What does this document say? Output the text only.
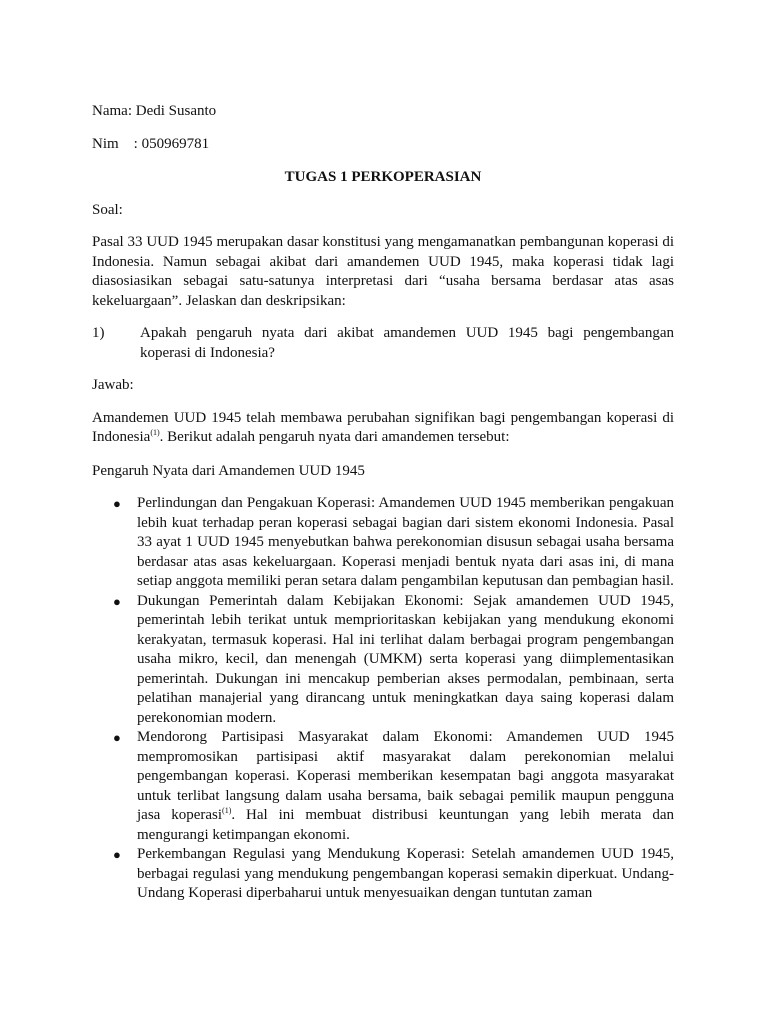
Nama: Dedi Susanto

Nim    : 050969781

TUGAS 1 PERKOPERASIAN

Soal:

Pasal 33 UUD 1945 merupakan dasar konstitusi yang mengamanatkan pembangunan koperasi di Indonesia. Namun sebagai akibat dari amandemen UUD 1945, maka koperasi tidak lagi diasosiasikan sebagai satu-satunya interpretasi dari “usaha bersama berdasar atas asas kekeluargaan”. Jelaskan dan deskripsikan:

1)	Apakah pengaruh nyata dari akibat amandemen UUD 1945 bagi pengembangan koperasi di Indonesia?

Jawab:

Amandemen UUD 1945 telah membawa perubahan signifikan bagi pengembangan koperasi di Indonesia$^{(1)}$. Berikut adalah pengaruh nyata dari amandemen tersebut:

Pengaruh Nyata dari Amandemen UUD 1945

● Perlindungan dan Pengakuan Koperasi: Amandemen UUD 1945 memberikan pengakuan lebih kuat terhadap peran koperasi sebagai bagian dari sistem ekonomi Indonesia. Pasal 33 ayat 1 UUD 1945 menyebutkan bahwa perekonomian disusun sebagai usaha bersama berdasar atas asas kekeluargaan. Koperasi menjadi bentuk nyata dari asas ini, di mana setiap anggota memiliki peran setara dalam pengambilan keputusan dan pembagian hasil.
● Dukungan Pemerintah dalam Kebijakan Ekonomi: Sejak amandemen UUD 1945, pemerintah lebih terikat untuk memprioritaskan kebijakan yang mendukung ekonomi kerakyatan, termasuk koperasi. Hal ini terlihat dalam berbagai program pengembangan usaha mikro, kecil, dan menengah (UMKM) serta koperasi yang diimplementasikan pemerintah. Dukungan ini mencakup pemberian akses permodalan, pembinaan, serta pelatihan manajerial yang dirancang untuk meningkatkan daya saing koperasi dalam perekonomian modern.
● Mendorong Partisipasi Masyarakat dalam Ekonomi: Amandemen UUD 1945 mempromosikan partisipasi aktif masyarakat dalam perekonomian melalui pengembangan koperasi. Koperasi memberikan kesempatan bagi anggota masyarakat untuk terlibat langsung dalam usaha bersama, baik sebagai pemilik maupun pengguna jasa koperasi$^{(1)}$. Hal ini membuat distribusi keuntungan yang lebih merata dan mengurangi ketimpangan ekonomi.
● Perkembangan Regulasi yang Mendukung Koperasi: Setelah amandemen UUD 1945, berbagai regulasi yang mendukung pengembangan koperasi semakin diperkuat. Undang-Undang Koperasi diperbaharui untuk menyesuaikan dengan tuntutan zaman
